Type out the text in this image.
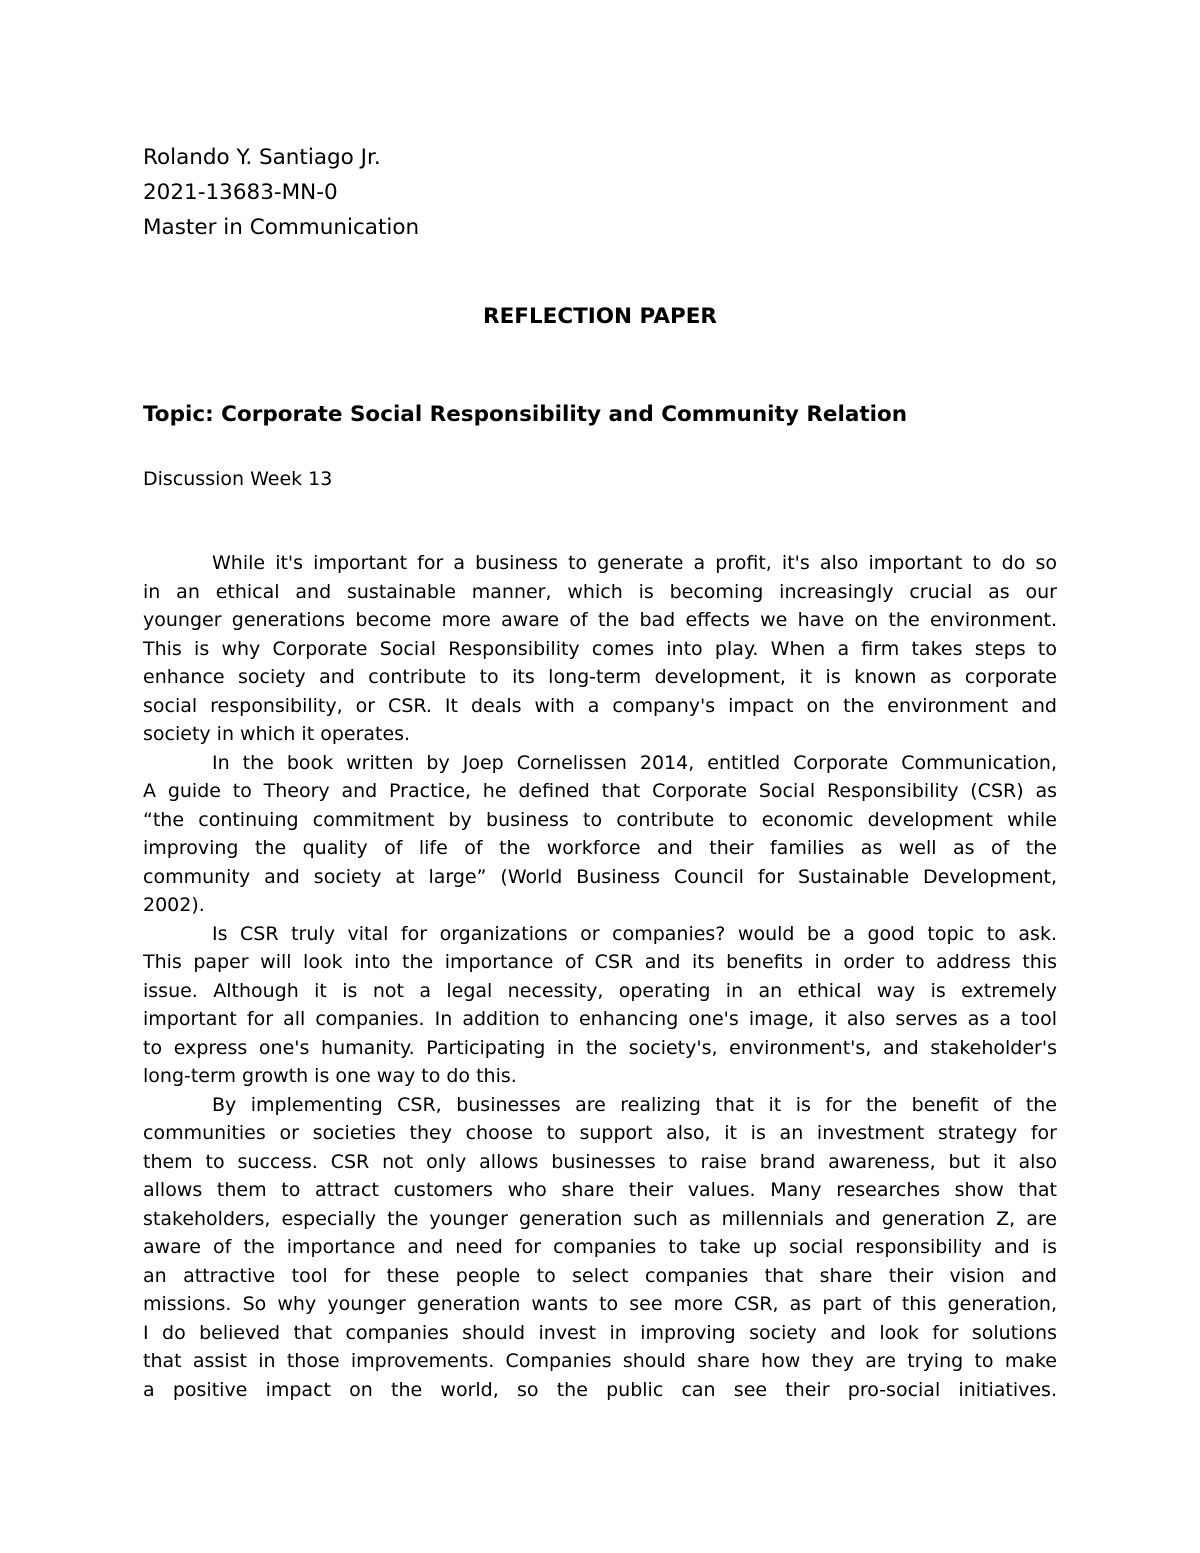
Rolando Y. Santiago Jr.
2021-13683-MN-0
Master in Communication
REFLECTION PAPER
Topic: Corporate Social Responsibility and Community Relation
Discussion Week 13
While it's important for a business to generate a profit, it's also important to do so
in an ethical and sustainable manner, which is becoming increasingly crucial as our
younger generations become more aware of the bad effects we have on the environment.
This is why Corporate Social Responsibility comes into play. When a firm takes steps to
enhance society and contribute to its long-term development, it is known as corporate
social responsibility, or CSR. It deals with a company's impact on the environment and
society in which it operates.
In the book written by Joep Cornelissen 2014, entitled Corporate Communication,
A guide to Theory and Practice, he defined that Corporate Social Responsibility (CSR) as
“the continuing commitment by business to contribute to economic development while
improving the quality of life of the workforce and their families as well as of the
community and society at large” (World Business Council for Sustainable Development,
2002).
Is CSR truly vital for organizations or companies? would be a good topic to ask.
This paper will look into the importance of CSR and its benefits in order to address this
issue. Although it is not a legal necessity, operating in an ethical way is extremely
important for all companies. In addition to enhancing one's image, it also serves as a tool
to express one's humanity. Participating in the society's, environment's, and stakeholder's
long-term growth is one way to do this.
By implementing CSR, businesses are realizing that it is for the benefit of the
communities or societies they choose to support also, it is an investment strategy for
them to success. CSR not only allows businesses to raise brand awareness, but it also
allows them to attract customers who share their values. Many researches show that
stakeholders, especially the younger generation such as millennials and generation Z, are
aware of the importance and need for companies to take up social responsibility and is
an attractive tool for these people to select companies that share their vision and
missions. So why younger generation wants to see more CSR, as part of this generation,
I do believed that companies should invest in improving society and look for solutions
that assist in those improvements. Companies should share how they are trying to make
a positive impact on the world, so the public can see their pro-social initiatives.
